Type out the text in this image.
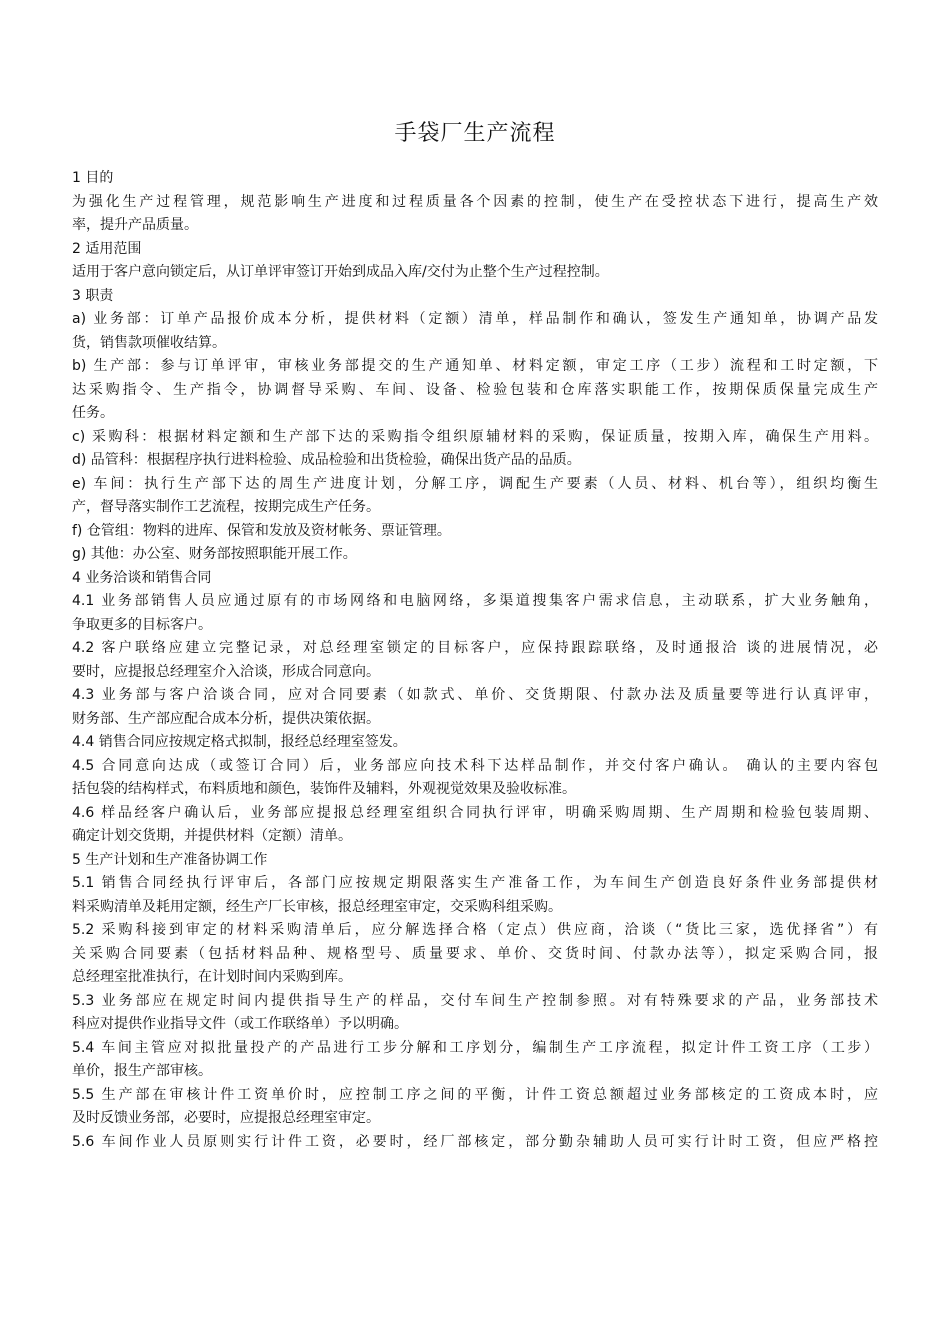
手袋厂生产流程
1 目的
为强化生产过程管理，规范影响生产进度和过程质量各个因素的控制，使生产在受控状态下进行，提高生产效
率，提升产品质量。
2 适用范围
适用于客户意向锁定后，从订单评审签订开始到成品入库/交付为止整个生产过程控制。
3 职责
a) 业务部：订单产品报价成本分析，提供材料（定额）清单，样品制作和确认，签发生产通知单，协调产品发
货，销售款项催收结算。
b) 生产部：参与订单评审，审核业务部提交的生产通知单、材料定额，审定工序（工步）流程和工时定额，下
达采购指令、生产指令，协调督导采购、车间、设备、检验包装和仓库落实职能工作，按期保质保量完成生产
任务。
c) 采购科：根据材料定额和生产部下达的采购指令组织原辅材料的采购，保证质量，按期入库，确保生产用料。
d) 品管科：根据程序执行进料检验、成品检验和出货检验，确保出货产品的品质。
e) 车间：执行生产部下达的周生产进度计划，分解工序，调配生产要素（人员、材料、机台等），组织均衡生
产，督导落实制作工艺流程，按期完成生产任务。
f) 仓管组：物料的进库、保管和发放及资材帐务、票证管理。
g) 其他：办公室、财务部按照职能开展工作。
4 业务洽谈和销售合同
4.1 业务部销售人员应通过原有的市场网络和电脑网络，多渠道搜集客户需求信息，主动联系，扩大业务触角，
争取更多的目标客户。
4.2 客户联络应建立完整记录，对总经理室锁定的目标客户，应保持跟踪联络，及时通报洽 谈的进展情况，必
要时，应提报总经理室介入洽谈，形成合同意向。
4.3 业务部与客户洽谈合同，应对合同要素（如款式、单价、交货期限、付款办法及质量要等进行认真评审，
财务部、生产部应配合成本分析，提供决策依据。
4.4 销售合同应按规定格式拟制，报经总经理室签发。
4.5 合同意向达成（或签订合同）后，业务部应向技术科下达样品制作，并交付客户确认。 确认的主要内容包
括包袋的结构样式，布料质地和颜色，装饰件及辅料，外观视觉效果及验收标准。
4.6 样品经客户确认后，业务部应提报总经理室组织合同执行评审，明确采购周期、生产周期和检验包装周期、
确定计划交货期，并提供材料（定额）清单。
5 生产计划和生产准备协调工作
5.1 销售合同经执行评审后，各部门应按规定期限落实生产准备工作，为车间生产创造良好条件业务部提供材
料采购清单及耗用定额，经生产厂长审核，报总经理室审定，交采购科组采购。
5.2 采购科接到审定的材料采购清单后，应分解选择合格（定点）供应商，洽谈（“货比三家，选优择省”）有
关采购合同要素（包括材料品种、规格型号、质量要求、单价、交货时间、付款办法等），拟定采购合同，报
总经理室批准执行，在计划时间内采购到库。
5.3 业务部应在规定时间内提供指导生产的样品，交付车间生产控制参照。对有特殊要求的产品，业务部技术
科应对提供作业指导文件（或工作联络单）予以明确。
5.4 车间主管应对拟批量投产的产品进行工步分解和工序划分，编制生产工序流程，拟定计件工资工序（工步）
单价，报生产部审核。
5.5 生产部在审核计件工资单价时，应控制工序之间的平衡，计件工资总额超过业务部核定的工资成本时，应
及时反馈业务部，必要时，应提报总经理室审定。
5.6 车间作业人员原则实行计件工资，必要时，经厂部核定，部分勤杂辅助人员可实行计时工资，但应严格控
